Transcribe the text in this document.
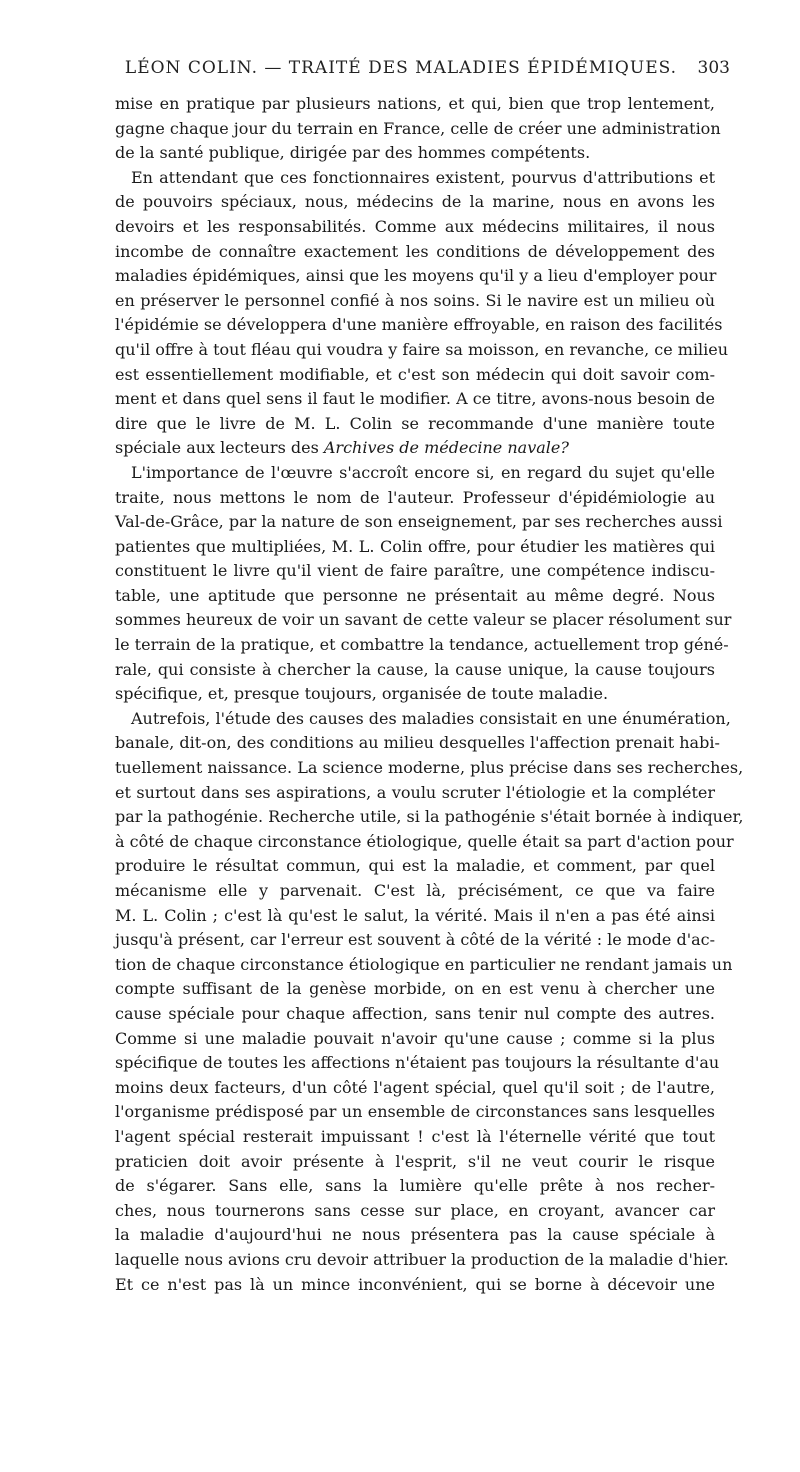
LÉON COLIN. — TRAITÉ DES MALADIES ÉPIDÉMIQUES.	303
mise en pratique par plusieurs nations, et qui, bien que trop lentement,
gagne chaque jour du terrain en France, celle de créer une administration
de la santé publique, dirigée par des hommes compétents.
En attendant que ces fonctionnaires existent, pourvus d'attributions et
de pouvoirs spéciaux, nous, médecins de la marine, nous en avons les
devoirs et les responsabilités. Comme aux médecins militaires, il nous
incombe de connaître exactement les conditions de développement des
maladies épidémiques, ainsi que les moyens qu'il y a lieu d'employer pour
en préserver le personnel confié à nos soins. Si le navire est un milieu où
l'épidémie se développera d'une manière effroyable, en raison des facilités
qu'il offre à tout fléau qui voudra y faire sa moisson, en revanche, ce milieu
est essentiellement modifiable, et c'est son médecin qui doit savoir com-
ment et dans quel sens il faut le modifier. A ce titre, avons-nous besoin de
dire que le livre de M. L. Colin se recommande d'une manière toute
spéciale aux lecteurs des Archives de médecine navale?
L'importance de l'œuvre s'accroît encore si, en regard du sujet qu'elle
traite, nous mettons le nom de l'auteur. Professeur d'épidémiologie au
Val-de-Grâce, par la nature de son enseignement, par ses recherches aussi
patientes que multipliées, M. L. Colin offre, pour étudier les matières qui
constituent le livre qu'il vient de faire paraître, une compétence indiscu-
table, une aptitude que personne ne présentait au même degré. Nous
sommes heureux de voir un savant de cette valeur se placer résolument sur
le terrain de la pratique, et combattre la tendance, actuellement trop géné-
rale, qui consiste à chercher la cause, la cause unique, la cause toujours
spécifique, et, presque toujours, organisée de toute maladie.
Autrefois, l'étude des causes des maladies consistait en une énumération,
banale, dit-on, des conditions au milieu desquelles l'affection prenait habi-
tuellement naissance. La science moderne, plus précise dans ses recherches,
et surtout dans ses aspirations, a voulu scruter l'étiologie et la compléter
par la pathogénie. Recherche utile, si la pathogénie s'était bornée à indiquer,
à côté de chaque circonstance étiologique, quelle était sa part d'action pour
produire le résultat commun, qui est la maladie, et comment, par quel
mécanisme elle y parvenait. C'est là, précisément, ce que va faire
M. L. Colin ; c'est là qu'est le salut, la vérité. Mais il n'en a pas été ainsi
jusqu'à présent, car l'erreur est souvent à côté de la vérité : le mode d'ac-
tion de chaque circonstance étiologique en particulier ne rendant jamais un
compte suffisant de la genèse morbide, on en est venu à chercher une
cause spéciale pour chaque affection, sans tenir nul compte des autres.
Comme si une maladie pouvait n'avoir qu'une cause ; comme si la plus
spécifique de toutes les affections n'étaient pas toujours la résultante d'au
moins deux facteurs, d'un côté l'agent spécial, quel qu'il soit ; de l'autre,
l'organisme prédisposé par un ensemble de circonstances sans lesquelles
l'agent spécial resterait impuissant ! c'est là l'éternelle vérité que tout
praticien doit avoir présente à l'esprit, s'il ne veut courir le risque
de s'égarer. Sans elle, sans la lumière qu'elle prête à nos recher-
ches, nous tournerons sans cesse sur place, en croyant, avancer car
la maladie d'aujourd'hui ne nous présentera pas la cause spéciale à
laquelle nous avions cru devoir attribuer la production de la maladie d'hier.
Et ce n'est pas là un mince inconvénient, qui se borne à décevoir une
